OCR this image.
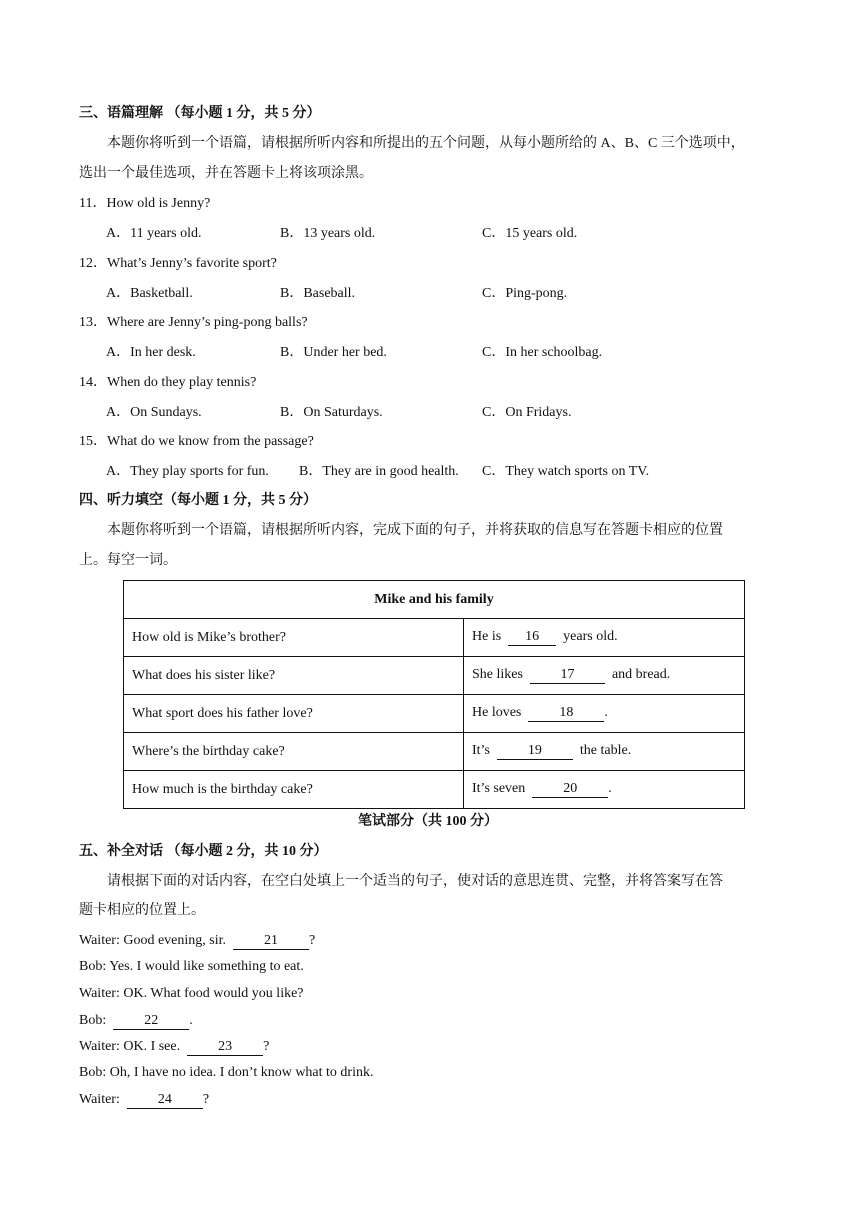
三、语篇理解 （每小题 1 分，共 5 分）
本题你将听到一个语篇，请根据所听内容和所提出的五个问题，从每小题所给的 A、B、C 三个选项中，
选出一个最佳选项，并在答题卡上将该项涂黑。
11．How old is Jenny?
A．11 years old.	B．13 years old.	C．15 years old.
12．What’s Jenny’s favorite sport?
A．Basketball.	B．Baseball.	C．Ping-pong.
13．Where are Jenny’s ping-pong balls?
A．In her desk.	B．Under her bed.	C．In her schoolbag.
14．When do they play tennis?
A．On Sundays.	B．On Saturdays.	C．On Fridays.
15．What do we know from the passage?
A．They play sports for fun. B．They are in good health. C．They watch sports on TV.
四、听力填空（每小题 1 分，共 5 分）
本题你将听到一个语篇，请根据所听内容，完成下面的句子，并将获取的信息写在答题卡相应的位置
上。每空一词。
Mike and his family	
How old is Mike’s brother?	He is 16 years old.
What does his sister like?	She likes 17 and bread.
What sport does his father love?	He loves 18 .
Where’s the birthday cake?	It’s 19 the table.
How much is the birthday cake?	It’s seven 20 .
笔试部分（共 100 分）
五、补全对话 （每小题 2 分，共 10 分）
请根据下面的对话内容，在空白处填上一个适当的句子，使对话的意思连贯、完整，并将答案写在答
题卡相应的位置上。
Waiter: Good evening, sir.	21 ?
Bob: Yes. I would like something to eat.
Waiter: OK. What food would you like?
Bob:	22 .
Waiter: OK. I see.	23 ?
Bob: Oh, I have no idea. I don’t know what to drink.
Waiter:	24 ?
